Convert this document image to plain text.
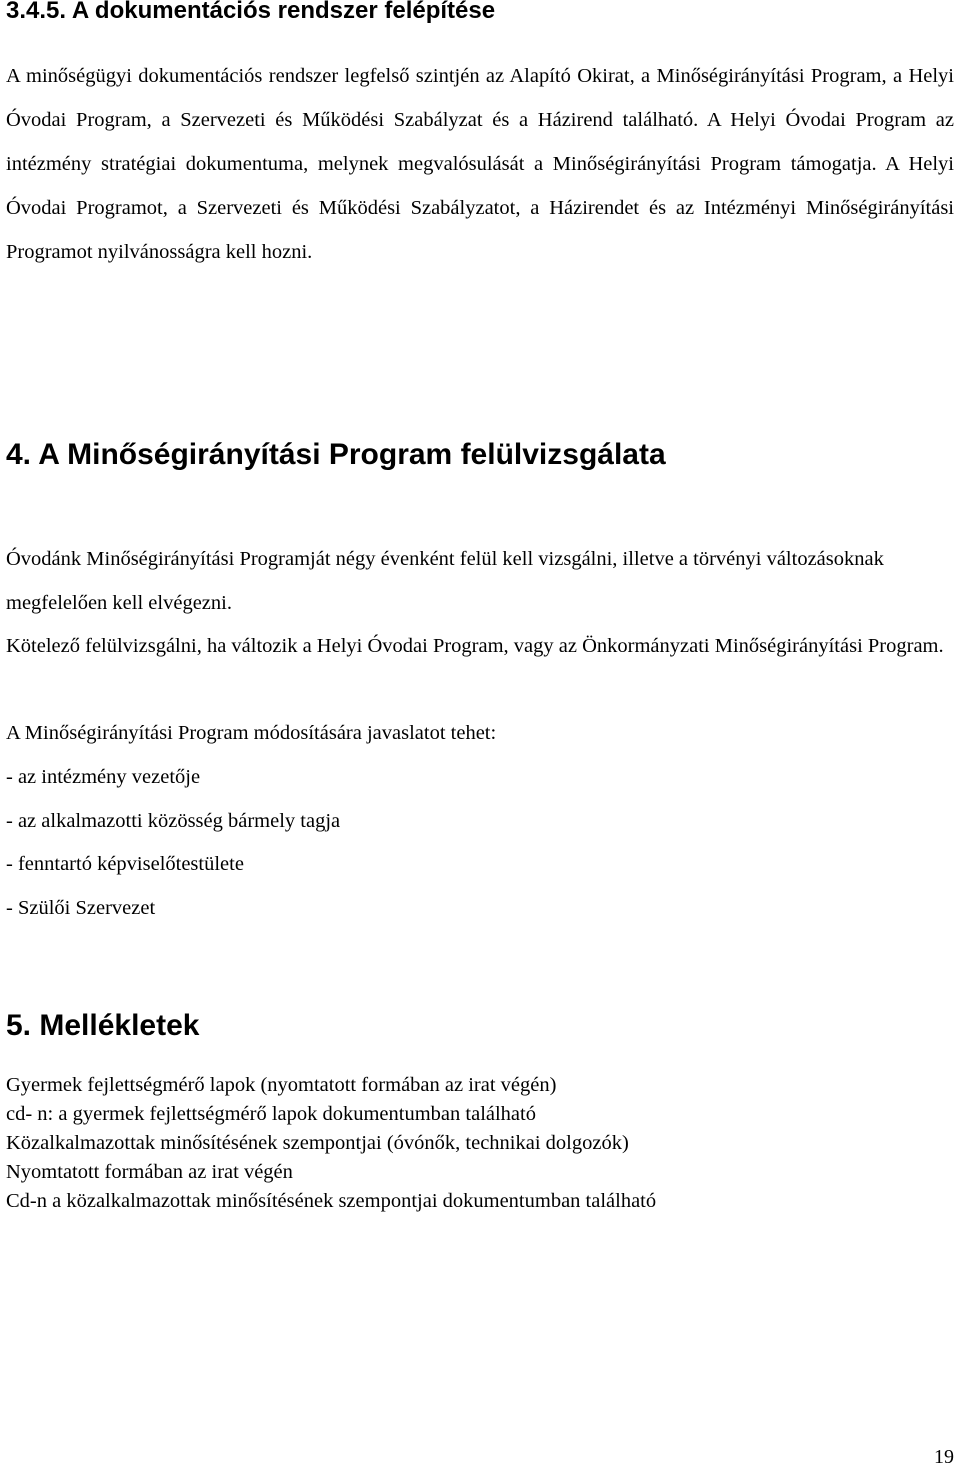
3.4.5. A dokumentációs rendszer felépítése

A minőségügyi dokumentációs rendszer legfelső szintjén az Alapító Okirat, a Minőségirányítási Program, a Helyi Óvodai Program, a Szervezeti és Működési Szabályzat és a Házirend található. A Helyi Óvodai Program az intézmény stratégiai dokumentuma, melynek megvalósulását a Minőségirányítási Program támogatja. A Helyi Óvodai Programot, a Szervezeti és Működési Szabályzatot, a Házirendet és az Intézményi Minőségirányítási Programot nyilvánosságra kell hozni.

4. A Minőségirányítási Program felülvizsgálata
Óvodánk Minőségirányítási Programját négy évenként felül kell vizsgálni, illetve a törvényi változásoknak megfelelően kell elvégezni.
Kötelező felülvizsgálni, ha változik a Helyi Óvodai Program, vagy az Önkormányzati Minőségirányítási Program.
A Minőségirányítási Program módosítására javaslatot tehet:
- az intézmény vezetője
- az alkalmazotti közösség bármely tagja
- fenntartó képviselőtestülete
- Szülői Szervezet
5. Mellékletek
Gyermek fejlettségmérő lapok (nyomtatott formában az irat végén)
cd- n: a gyermek fejlettségmérő lapok dokumentumban található
Közalkalmazottak minősítésének szempontjai (óvónők, technikai dolgozók)
Nyomtatott formában az irat végén
Cd-n a közalkalmazottak minősítésének szempontjai dokumentumban található
19
